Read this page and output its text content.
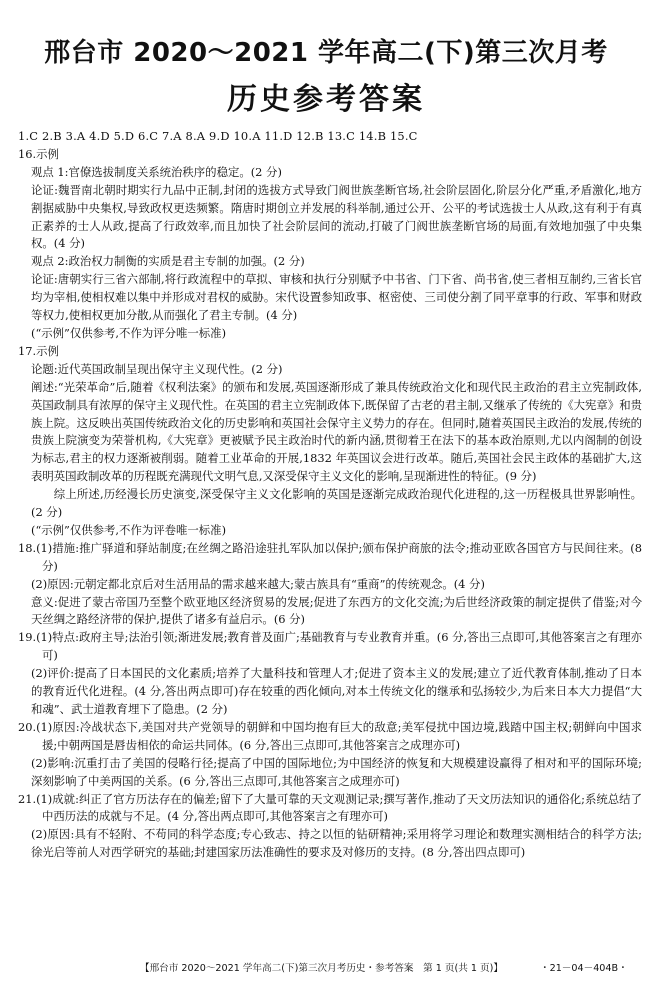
邢台市 2020～2021 学年高二(下)第三次月考
历史参考答案

1.C 2.B 3.A 4.D 5.D 6.C 7.A 8.A 9.D 10.A 11.D 12.B 13.C 14.B 15.C

16.示例

观点 1:官僚选拔制度关系统治秩序的稳定。(2 分)

论证:魏晋南北朝时期实行九品中正制,封闭的选拔方式导致门阀世族垄断官场,社会阶层固化,阶层分化严重,矛盾激化,地方割据威胁中央集权,导致政权更迭频繁。隋唐时期创立并发展的科举制,通过公开、公平的考试选拔士人从政,这有利于有真正素养的士人从政,提高了行政效率,而且加快了社会阶层间的流动,打破了门阀世族垄断官场的局面,有效地加强了中央集权。(4 分)

观点 2:政治权力制衡的实质是君主专制的加强。(2 分)

论证:唐朝实行三省六部制,将行政流程中的草拟、审核和执行分别赋予中书省、门下省、尚书省,使三者相互制约,三省长官均为宰相,使相权难以集中并形成对君权的威胁。宋代设置参知政事、枢密使、三司使分割了同平章事的行政、军事和财政等权力,使相权更加分散,从而强化了君主专制。(4 分)

(“示例”仅供参考,不作为评分唯一标准)

17.示例

论题:近代英国政制呈现出保守主义现代性。(2 分)

阐述:“光荣革命”后,随着《权利法案》的颁布和发展,英国逐渐形成了兼具传统政治文化和现代民主政治的君主立宪制政体,英国政制具有浓厚的保守主义现代性。在英国的君主立宪制政体下,既保留了古老的君主制,又继承了传统的《大宪章》和贵族上院。这反映出英国传统政治文化的历史影响和英国社会保守主义势力的存在。但同时,随着英国民主政治的发展,传统的贵族上院演变为荣誉机构,《大宪章》更被赋予民主政治时代的新内涵,贯彻着王在法下的基本政治原则,尤以内阁制的创设为标志,君主的权力逐渐被削弱。随着工业革命的开展,1832 年英国议会进行改革。随后,英国社会民主政体的基础扩大,这表明英国政制改革的历程既充满现代文明气息,又深受保守主义文化的影响,呈现渐进性的特征。(9 分)

综上所述,历经漫长历史演变,深受保守主义文化影响的英国是逐渐完成政治现代化进程的,这一历程极具世界影响性。(2 分)

(“示例”仅供参考,不作为评卷唯一标准)

18.(1)措施:推广驿道和驿站制度;在丝绸之路沿途驻扎军队加以保护;颁布保护商旅的法令;推动亚欧各国官方与民间往来。(8 分)

(2)原因:元朝定都北京后对生活用品的需求越来越大;蒙古族具有“重商”的传统观念。(4 分)

意义:促进了蒙古帝国乃至整个欧亚地区经济贸易的发展;促进了东西方的文化交流;为后世经济政策的制定提供了借鉴;对今天丝绸之路经济带的保护,提供了诸多有益启示。(6 分)

19.(1)特点:政府主导;法治引领;渐进发展;教育普及面广;基础教育与专业教育并重。(6 分,答出三点即可,其他答案言之有理亦可)

(2)评价:提高了日本国民的文化素质;培养了大量科技和管理人才;促进了资本主义的发展;建立了近代教育体制,推动了日本的教育近代化进程。(4 分,答出两点即可)存在较重的西化倾向,对本土传统文化的继承和弘扬较少,为后来日本大力提倡“大和魂”、武士道教育埋下了隐患。(2 分)

20.(1)原因:冷战状态下,美国对共产党领导的朝鲜和中国均抱有巨大的敌意;美军侵扰中国边境,践踏中国主权;朝鲜向中国求援;中朝两国是唇齿相依的命运共同体。(6 分,答出三点即可,其他答案言之成理亦可)

(2)影响:沉重打击了美国的侵略行径;提高了中国的国际地位;为中国经济的恢复和大规模建设赢得了相对和平的国际环境;深刻影响了中美两国的关系。(6 分,答出三点即可,其他答案言之成理亦可)

21.(1)成就:纠正了官方历法存在的偏差;留下了大量可靠的天文观测记录;撰写著作,推动了天文历法知识的通俗化;系统总结了中西历法的成就与不足。(4 分,答出两点即可,其他答案言之有理亦可)

(2)原因:具有不轻附、不苟同的科学态度;专心致志、持之以恒的钻研精神;采用将学习理论和数理实测相结合的科学方法;徐光启等前人对西学研究的基础;封建国家历法准确性的要求及对修历的支持。(8 分,答出四点即可)

【邢台市 2020～2021 学年高二(下)第三次月考历史・参考答案　第 1 页(共 1 页)】	・21－04－404B・
